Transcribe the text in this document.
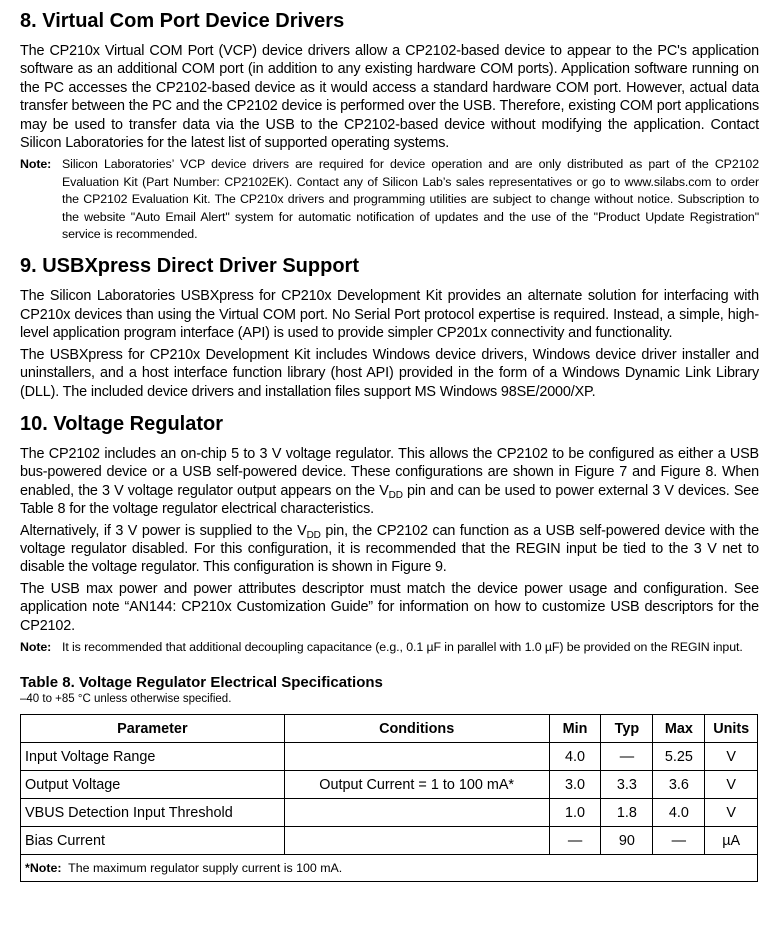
8. Virtual Com Port Device Drivers

The CP210x Virtual COM Port (VCP) device drivers allow a CP2102-based device to appear to the PC's application software as an additional COM port (in addition to any existing hardware COM ports). Application software running on the PC accesses the CP2102-based device as it would access a standard hardware COM port. However, actual data transfer between the PC and the CP2102 device is performed over the USB. Therefore, existing COM port applications may be used to transfer data via the USB to the CP2102-based device without modifying the application. Contact Silicon Laboratories for the latest list of supported operating systems.

Note: Silicon Laboratories’ VCP device drivers are required for device operation and are only distributed as part of the CP2102 Evaluation Kit (Part Number: CP2102EK). Contact any of Silicon Lab’s sales representatives or go to www.silabs.com to order the CP2102 Evaluation Kit. The CP210x drivers and programming utilities are subject to change without notice. Subscription to the website "Auto Email Alert" system for automatic notification of updates and the use of the "Product Update Registration" service is recommended.
9. USBXpress Direct Driver Support

The Silicon Laboratories USBXpress for CP210x Development Kit provides an alternate solution for interfacing with CP210x devices than using the Virtual COM port. No Serial Port protocol expertise is required. Instead, a simple, high-level application program interface (API) is used to provide simpler CP201x connectivity and functionality.

The USBXpress for CP210x Development Kit includes Windows device drivers, Windows device driver installer and uninstallers, and a host interface function library (host API) provided in the form of a Windows Dynamic Link Library (DLL). The included device drivers and installation files support MS Windows 98SE/2000/XP.

10. Voltage Regulator

The CP2102 includes an on-chip 5 to 3 V voltage regulator. This allows the CP2102 to be configured as either a USB bus-powered device or a USB self-powered device. These configurations are shown in Figure 7 and Figure 8. When enabled, the 3 V voltage regulator output appears on the $V_{DD}$ pin and can be used to power external 3 V devices. See Table 8 for the voltage regulator electrical characteristics.

Alternatively, if 3 V power is supplied to the $V_{DD}$ pin, the CP2102 can function as a USB self-powered device with the voltage regulator disabled. For this configuration, it is recommended that the REGIN input be tied to the 3 V net to disable the voltage regulator. This configuration is shown in Figure 9.

The USB max power and power attributes descriptor must match the device power usage and configuration. See application note “AN144: CP210x Customization Guide” for information on how to customize USB descriptors for the CP2102.

Note: It is recommended that additional decoupling capacitance (e.g., 0.1 µF in parallel with 1.0 µF) be provided on the REGIN input.
Table 8. Voltage Regulator Electrical Specifications
–40 to +85 °C unless otherwise specified.
Parameter	Conditions	Min	Typ	Max	Units
Input Voltage Range		4.0	—	5.25	V
Output Voltage	Output Current = 1 to 100 mA*	3.0	3.3	3.6	V
VBUS Detection Input Threshold		1.0	1.8	4.0	V
Bias Current		—	90	—	µA
*Note: The maximum regulator supply current is 100 mA.					
